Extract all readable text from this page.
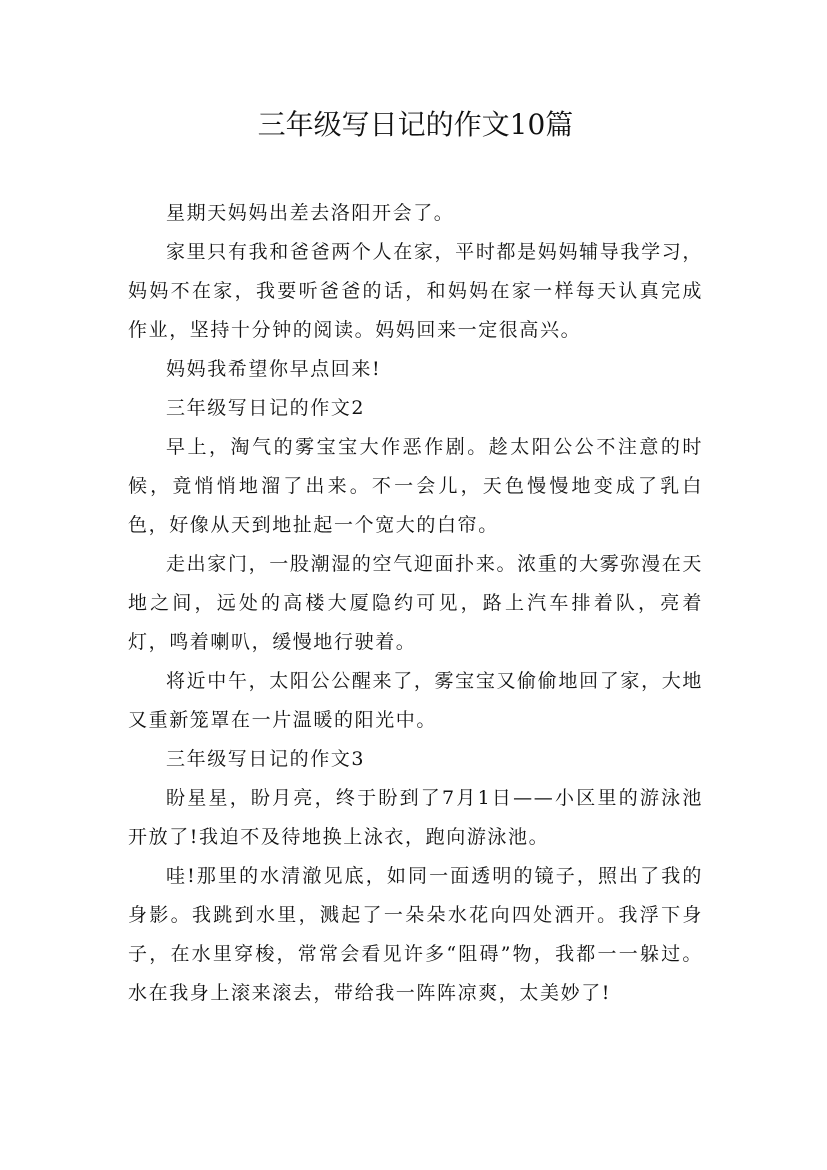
三年级写日记的作文10篇

星期天妈妈出差去洛阳开会了。

家里只有我和爸爸两个人在家，平时都是妈妈辅导我学习，妈妈不在家，我要听爸爸的话，和妈妈在家一样每天认真完成作业，坚持十分钟的阅读。妈妈回来一定很高兴。

妈妈我希望你早点回来!

三年级写日记的作文2

早上，淘气的雾宝宝大作恶作剧。趁太阳公公不注意的时候，竟悄悄地溜了出来。不一会儿，天色慢慢地变成了乳白色，好像从天到地扯起一个宽大的白帘。

走出家门，一股潮湿的空气迎面扑来。浓重的大雾弥漫在天地之间，远处的高楼大厦隐约可见，路上汽车排着队，亮着灯，鸣着喇叭，缓慢地行驶着。

将近中午，太阳公公醒来了，雾宝宝又偷偷地回了家，大地又重新笼罩在一片温暖的阳光中。

三年级写日记的作文3

盼星星，盼月亮，终于盼到了7月1日——小区里的游泳池开放了!我迫不及待地换上泳衣，跑向游泳池。

哇!那里的水清澈见底，如同一面透明的镜子，照出了我的身影。我跳到水里，溅起了一朵朵水花向四处洒开。我浮下身子，在水里穿梭，常常会看见许多“阻碍”物，我都一一躲过。水在我身上滚来滚去，带给我一阵阵凉爽，太美妙了!
